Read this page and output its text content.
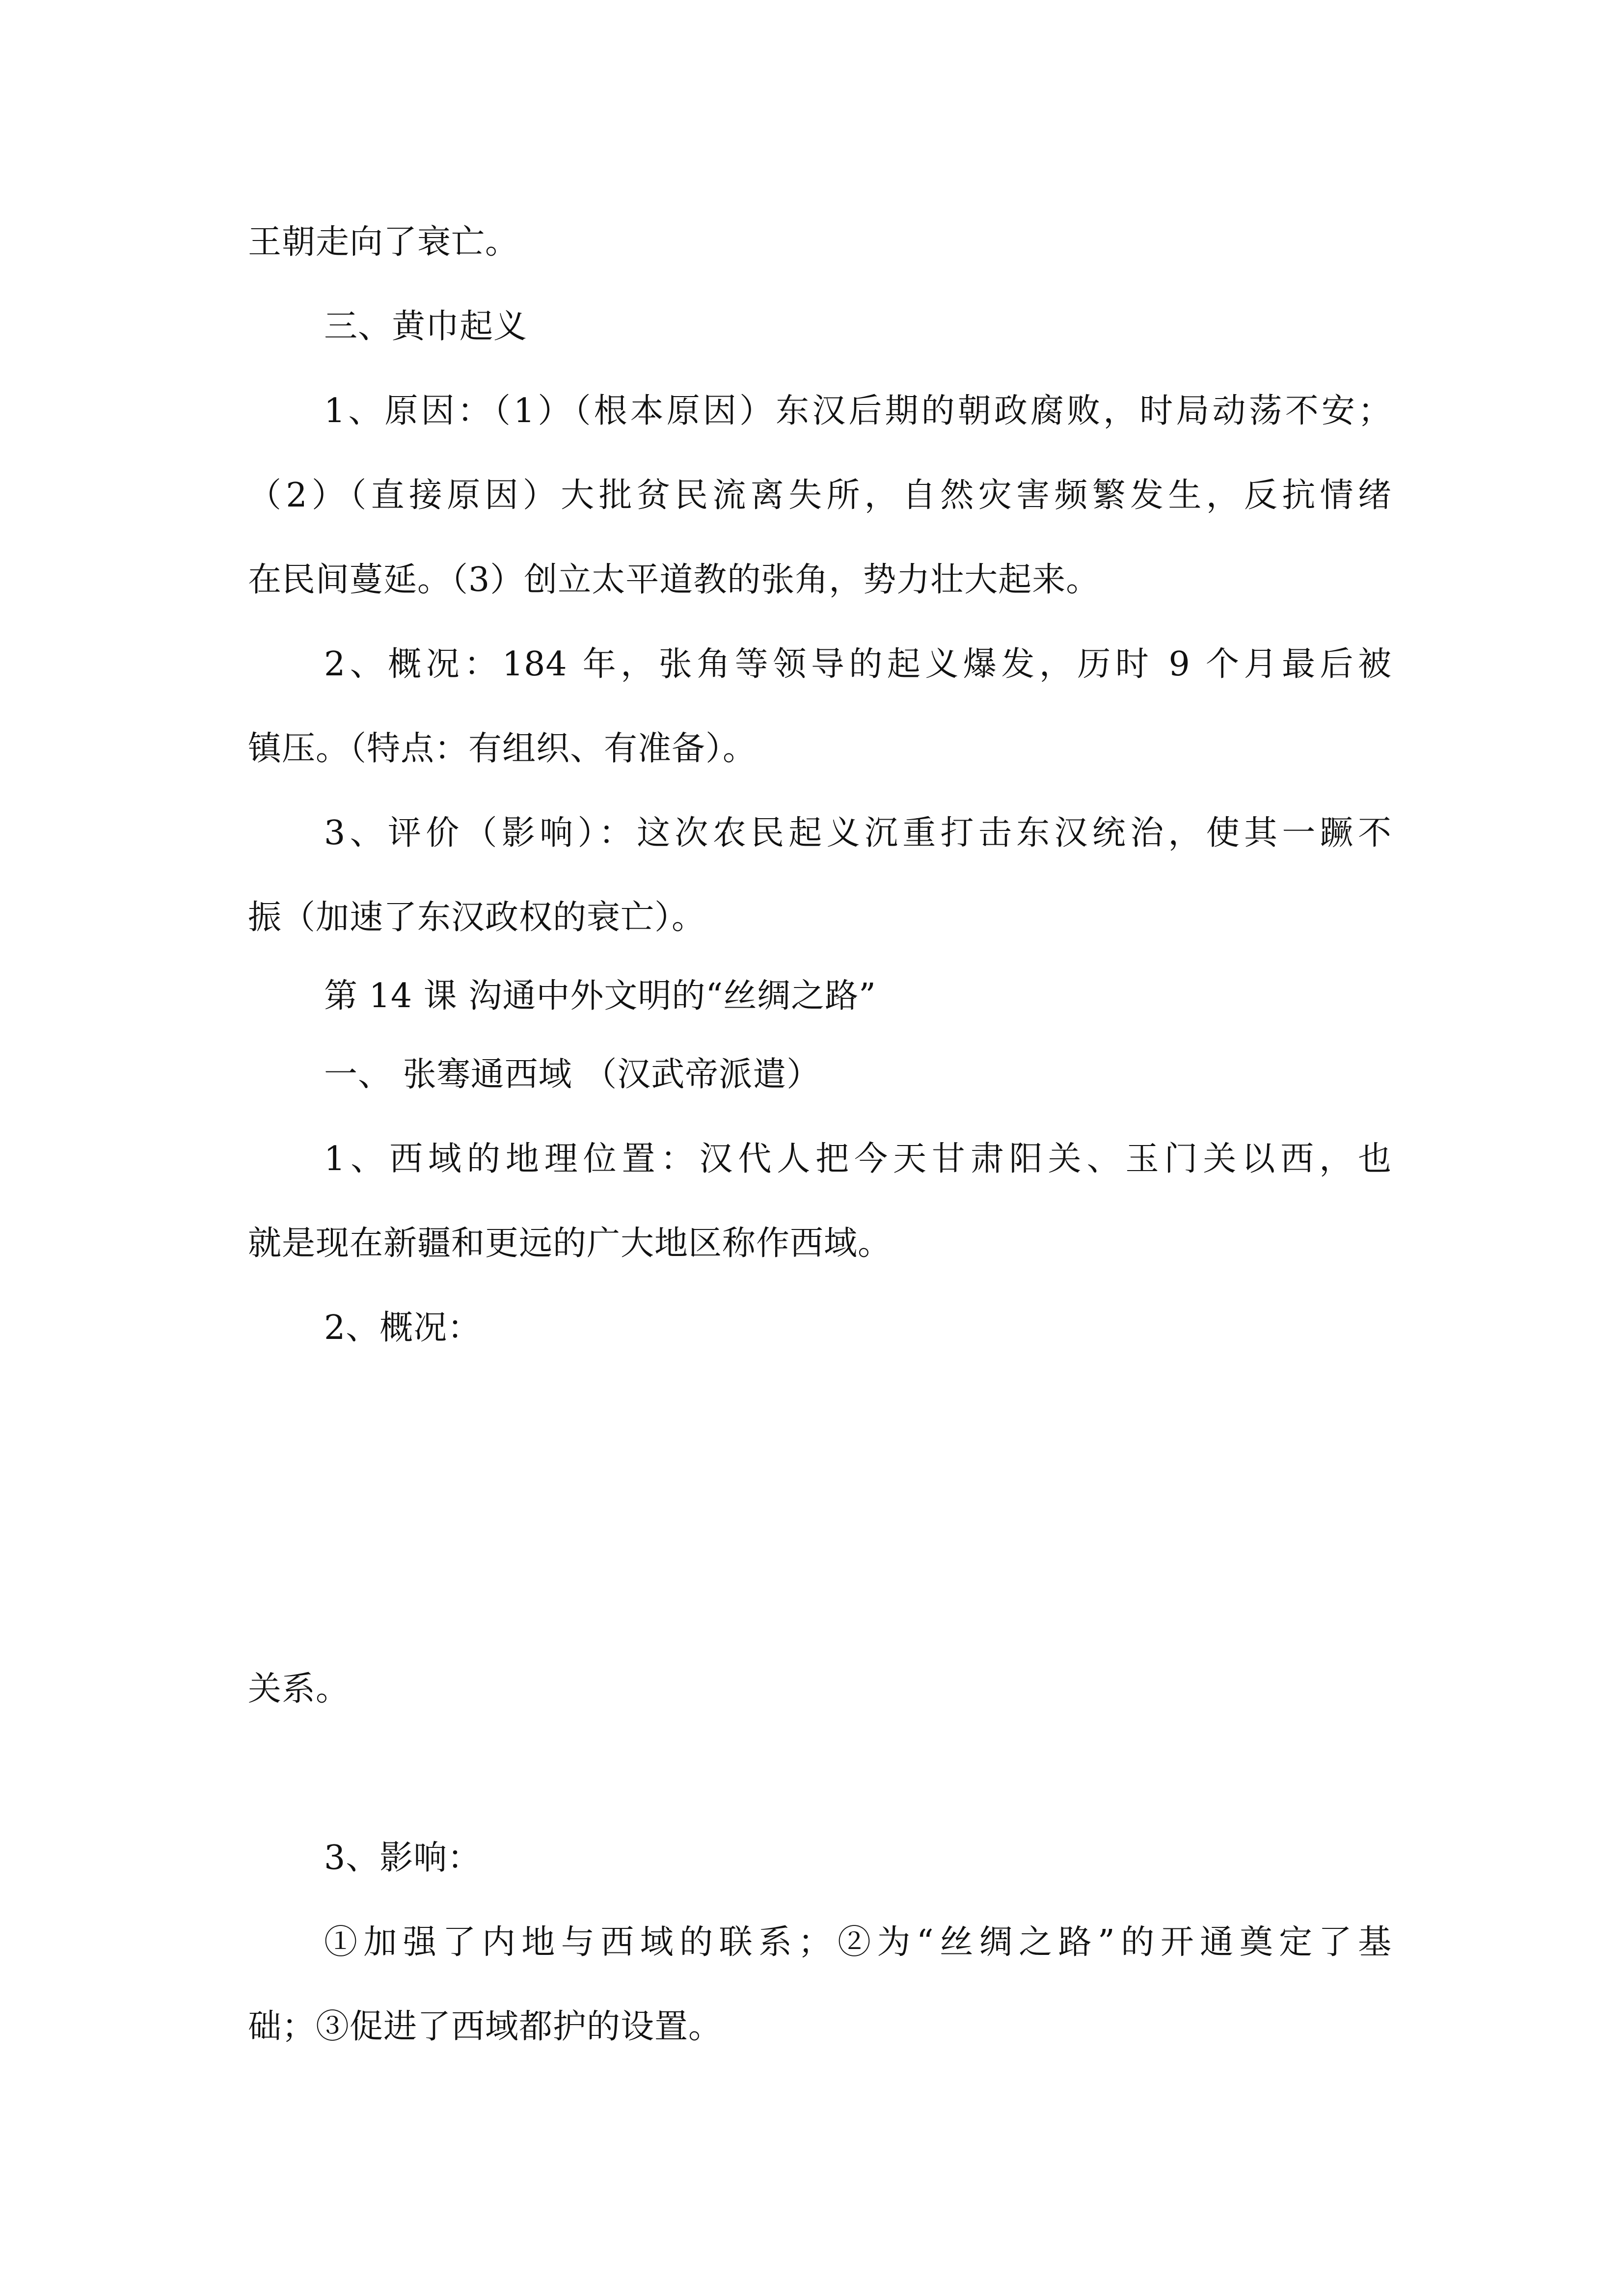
王朝走向了衰亡。
三、黄巾起义
1、原因：（1）（根本原因）东汉后期的朝政腐败，时局动荡不安；
（2）（直接原因）大批贫民流离失所，自然灾害频繁发生，反抗情绪
在民间蔓延。（3）创立太平道教的张角，势力壮大起来。
2、概况：184 年，张角等领导的起义爆发，历时 9 个月最后被
镇压。（特点：有组织、有准备）。
3、评价（影响）：这次农民起义沉重打击东汉统治，使其一蹶不
振（加速了东汉政权的衰亡）。
第 14 课 沟通中外文明的“丝绸之路”
一、 张骞通西域 （汉武帝派遣）
1、西域的地理位置：汉代人把今天甘肃阳关、玉门关以西，也
就是现在新疆和更远的广大地区称作西域。
2、概况：
关系。
3、影响：
①加强了内地与西域的联系；②为“丝绸之路”的开通奠定了基
础；③促进了西域都护的设置。
